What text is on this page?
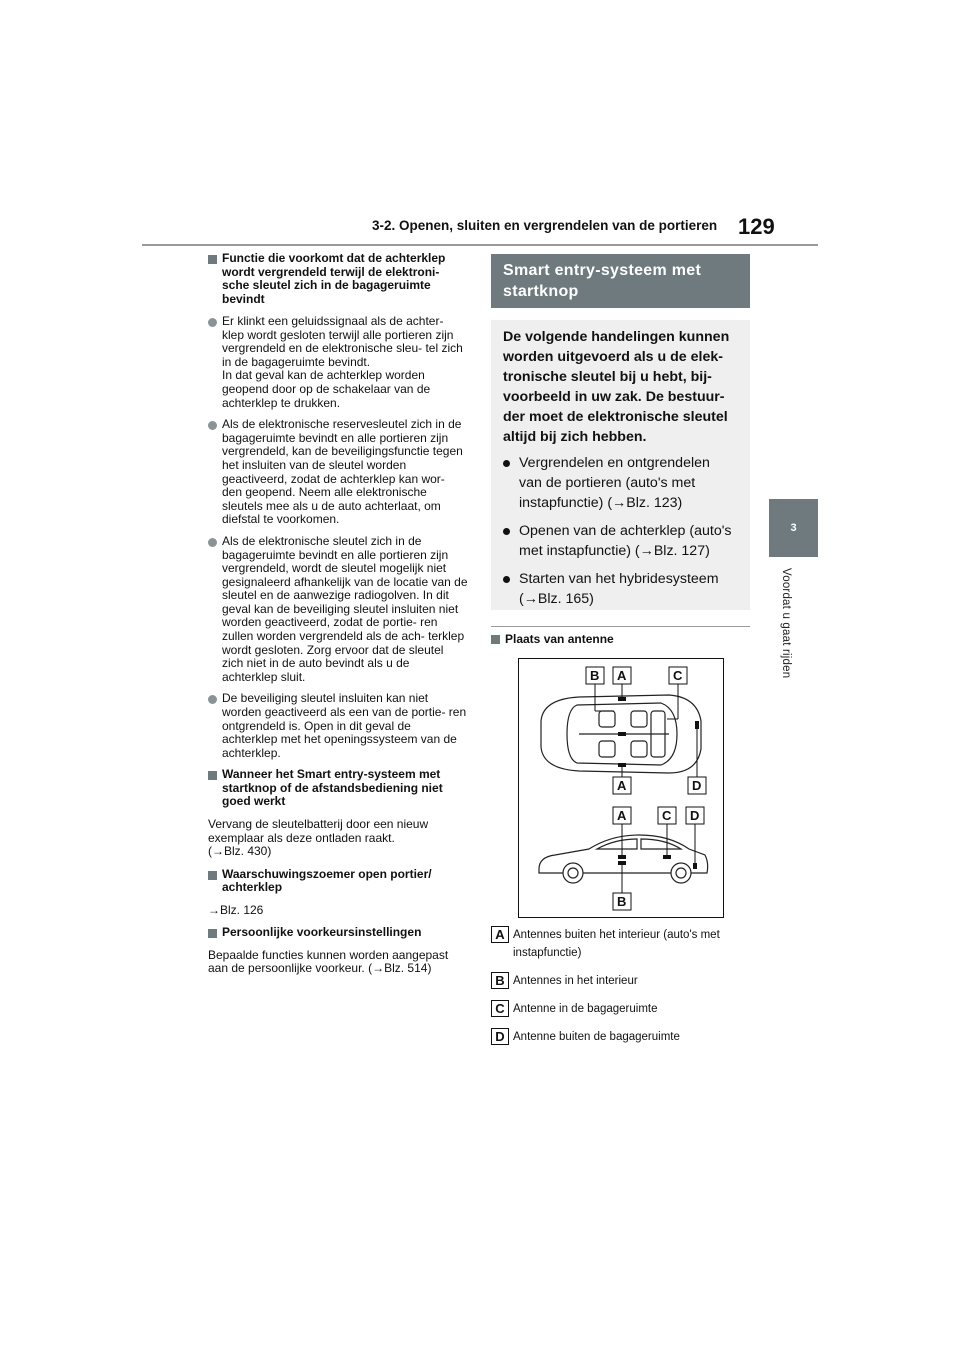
3-2. Openen, sluiten en vergrendelen van de portieren 129
3
Voordat u gaat rijden
Functie die voorkomt dat de achterklep wordt vergrendeld terwijl de elektroni- sche sleutel zich in de bagageruimte bevindt
Er klinkt een geluidssignaal als de achter- klep wordt gesloten terwijl alle portieren zijn vergrendeld en de elektronische sleu- tel zich in de bagageruimte bevindt.
In dat geval kan de achterklep worden geopend door op de schakelaar van de achterklep te drukken.
Als de elektronische reservesleutel zich in de bagageruimte bevindt en alle portieren zijn vergrendeld, kan de beveiligingsfunctie tegen het insluiten van de sleutel worden geactiveerd, zodat de achterklep kan wor- den geopend. Neem alle elektronische sleutels mee als u de auto achterlaat, om diefstal te voorkomen.
Als de elektronische sleutel zich in de bagageruimte bevindt en alle portieren zijn vergrendeld, wordt de sleutel mogelijk niet gesignaleerd afhankelijk van de locatie van de sleutel en de aanwezige radiogolven. In dit geval kan de beveiliging sleutel insluiten niet worden geactiveerd, zodat de portie- ren zullen worden vergrendeld als de ach- terklep wordt gesloten. Zorg ervoor dat de sleutel zich niet in de auto bevindt als u de achterklep sluit.
De beveiliging sleutel insluiten kan niet worden geactiveerd als een van de portie- ren ontgrendeld is. Open in dit geval de achterklep met het openingssysteem van de achterklep.
Wanneer het Smart entry-systeem met startknop of de afstandsbediening niet goed werkt
Vervang de sleutelbatterij door een nieuw exemplaar als deze ontladen raakt.
(→Blz. 430)
Waarschuwingszoemer open portier/ achterklep
→Blz. 126
Persoonlijke voorkeursinstellingen
Bepaalde functies kunnen worden aangepast aan de persoonlijke voorkeur. (→Blz. 514)
Smart entry-systeem met
startknop
De volgende handelingen kunnen
worden uitgevoerd als u de elek-
tronische sleutel bij u hebt, bij-
voorbeeld in uw zak. De bestuur-
der moet de elektronische sleutel
altijd bij zich hebben.
Vergrendelen en ontgrendelen
van de portieren (auto's met
instapfunctie) (→Blz. 123)
Openen van de achterklep (auto's
met instapfunctie) (→Blz. 127)
Starten van het hybridesysteem
(→Blz. 165)
Plaats van antenne
B A	C
A	D
A	C D
B
A Antennes buiten het interieur (auto's met
instapfunctie)
B Antennes in het interieur
C Antenne in de bagageruimte
D Antenne buiten de bagageruimte
